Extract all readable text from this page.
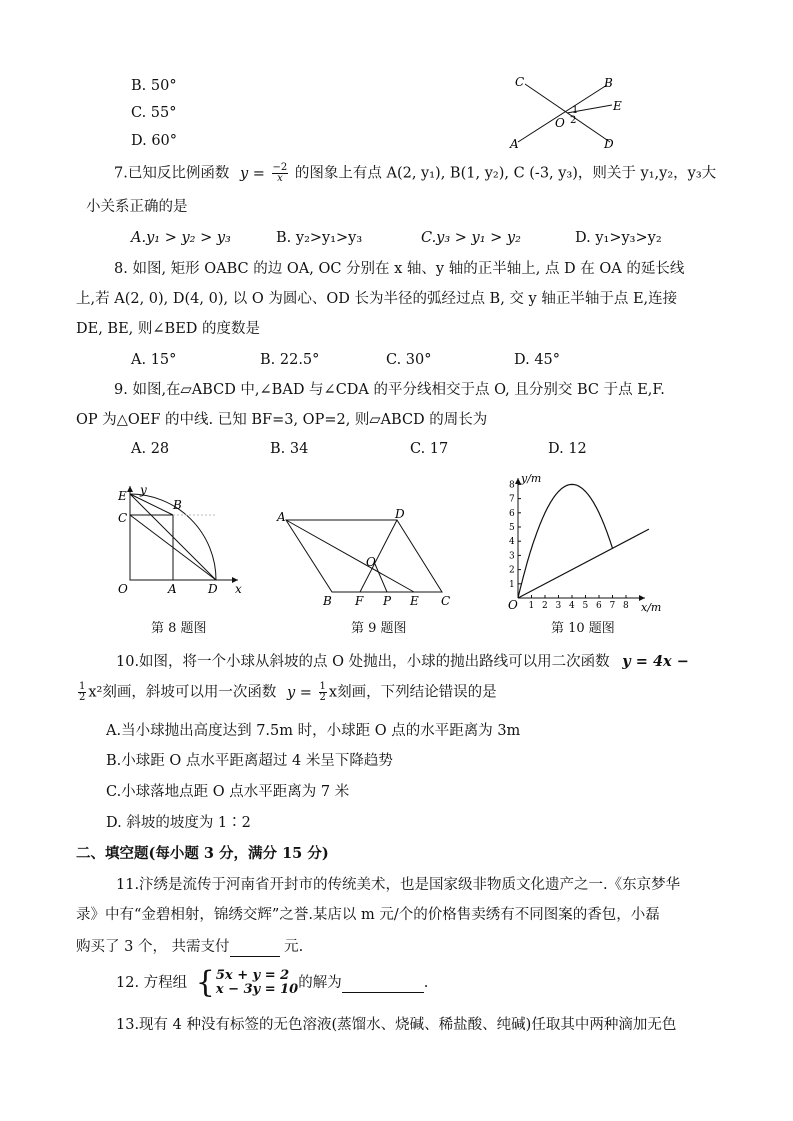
B. 50°
C. 55°
D. 60°
C	B
E
O
1
2
A	D
7.已知反比例函数 $y = \frac{-2}{x}$ 的图象上有点 A(2, y₁), B(1, y₂), C (-3, y₃)，则关于 y₁,y₂，y₃大
小关系正确的是
A.y₁ > y₂ > y₃	B. y₂>y₁>y₃	C.y₃ > y₁ > y₂	D. y₁>y₃>y₂
8. 如图, 矩形 OABC 的边 OA, OC 分别在 x 轴、y 轴的正半轴上, 点 D 在 OA 的延长线
上,若 A(2, 0), D(4, 0), 以 O 为圆心、OD 长为半径的弧经过点 B, 交 y 轴正半轴于点 E,连接
DE, BE, 则∠BED 的度数是
A. 15°	B. 22.5°	C. 30°	D. 45°
9. 如图,在▱ABCD 中,∠BAD 与∠CDA 的平分线相交于点 O, 且分别交 BC 于点 E,F.
OP 为△OEF 的中线. 已知 BF=3, OP=2, 则▱ABCD 的周长为
A. 28	B. 34	C. 17	D. 12
E
C
B
y
O	A	D x
第 8 题图
A	D
O
B F P E C
第 9 题图
1
2
3
4
5
6
7
8
1 2 3 4 5 6 7 8
y/m
x/m
O
第 10 题图
10.如图，将一个小球从斜坡的点 O 处抛出，小球的抛出路线可以用二次函数 y = 4x −
$\frac{1}{2} x^2$刻画，斜坡可以用一次函数 $y = \frac{1}{2}$ x刻画，下列结论错误的是
A.当小球抛出高度达到 7.5m 时，小球距 O 点的水平距离为 3m
B.小球距 O 点水平距离超过 4 米呈下降趋势
C.小球落地点距 O 点水平距离为 7 米
D. 斜坡的坡度为 1∶2
二、填空题(每小题 3 分，满分 15 分)
11.汴绣是流传于河南省开封市的传统美术，也是国家级非物质文化遗产之一.《东京梦华
录》中有“金碧相射，锦绣交辉”之誉.某店以 m 元/个的价格售卖绣有不同图案的香包，小磊
购买了 3 个， 共需支付	元.
12. 方程组 { 5x + y = 2
x − 3y = 10 的解为	.
13.现有 4 种没有标签的无色溶液(蒸馏水、烧碱、稀盐酸、纯碱)任取其中两种滴加无色
